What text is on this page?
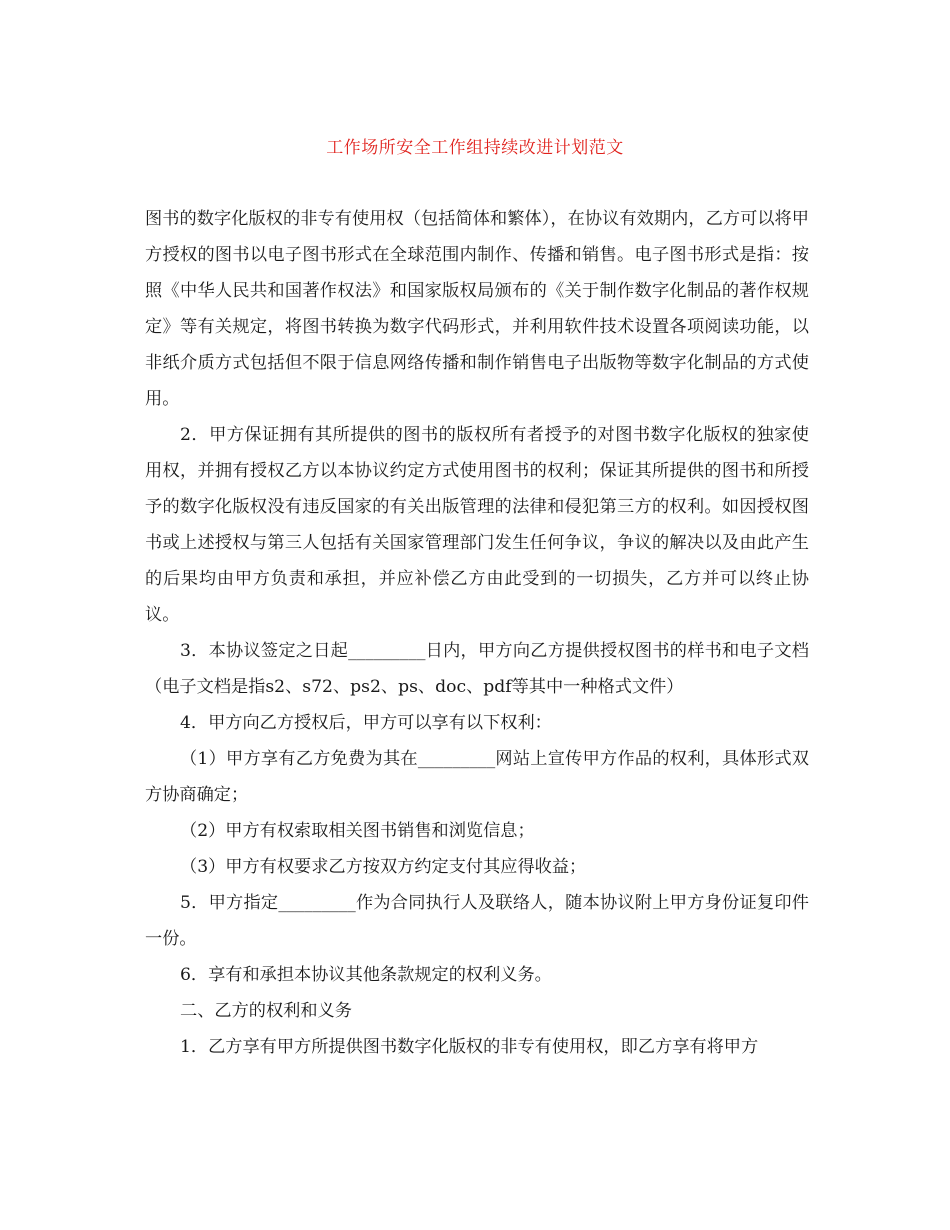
工作场所安全工作组持续改进计划范文

图书的数字化版权的非专有使用权（包括简体和繁体），在协议有效期内，乙方可以将甲方授权的图书以电子图书形式在全球范围内制作、传播和销售。电子图书形式是指：按照《中华人民共和国著作权法》和国家版权局颁布的《关于制作数字化制品的著作权规定》等有关规定，将图书转换为数字代码形式，并利用软件技术设置各项阅读功能，以非纸介质方式包括但不限于信息网络传播和制作销售电子出版物等数字化制品的方式使用。

2．甲方保证拥有其所提供的图书的版权所有者授予的对图书数字化版权的独家使用权，并拥有授权乙方以本协议约定方式使用图书的权利；保证其所提供的图书和所授予的数字化版权没有违反国家的有关出版管理的法律和侵犯第三方的权利。如因授权图书或上述授权与第三人包括有关国家管理部门发生任何争议，争议的解决以及由此产生的后果均由甲方负责和承担，并应补偿乙方由此受到的一切损失，乙方并可以终止协议。

3．本协议签定之日起_________日内，甲方向乙方提供授权图书的样书和电子文档（电子文档是指s2、s72、ps2、ps、doc、pdf等其中一种格式文件）

4．甲方向乙方授权后，甲方可以享有以下权利：

（1）甲方享有乙方免费为其在_________网站上宣传甲方作品的权利，具体形式双方协商确定；

（2）甲方有权索取相关图书销售和浏览信息；

（3）甲方有权要求乙方按双方约定支付其应得收益；

5．甲方指定_________作为合同执行人及联络人，随本协议附上甲方身份证复印件一份。

6．享有和承担本协议其他条款规定的权利义务。

二、乙方的权利和义务

1．乙方享有甲方所提供图书数字化版权的非专有使用权，即乙方享有将甲方
